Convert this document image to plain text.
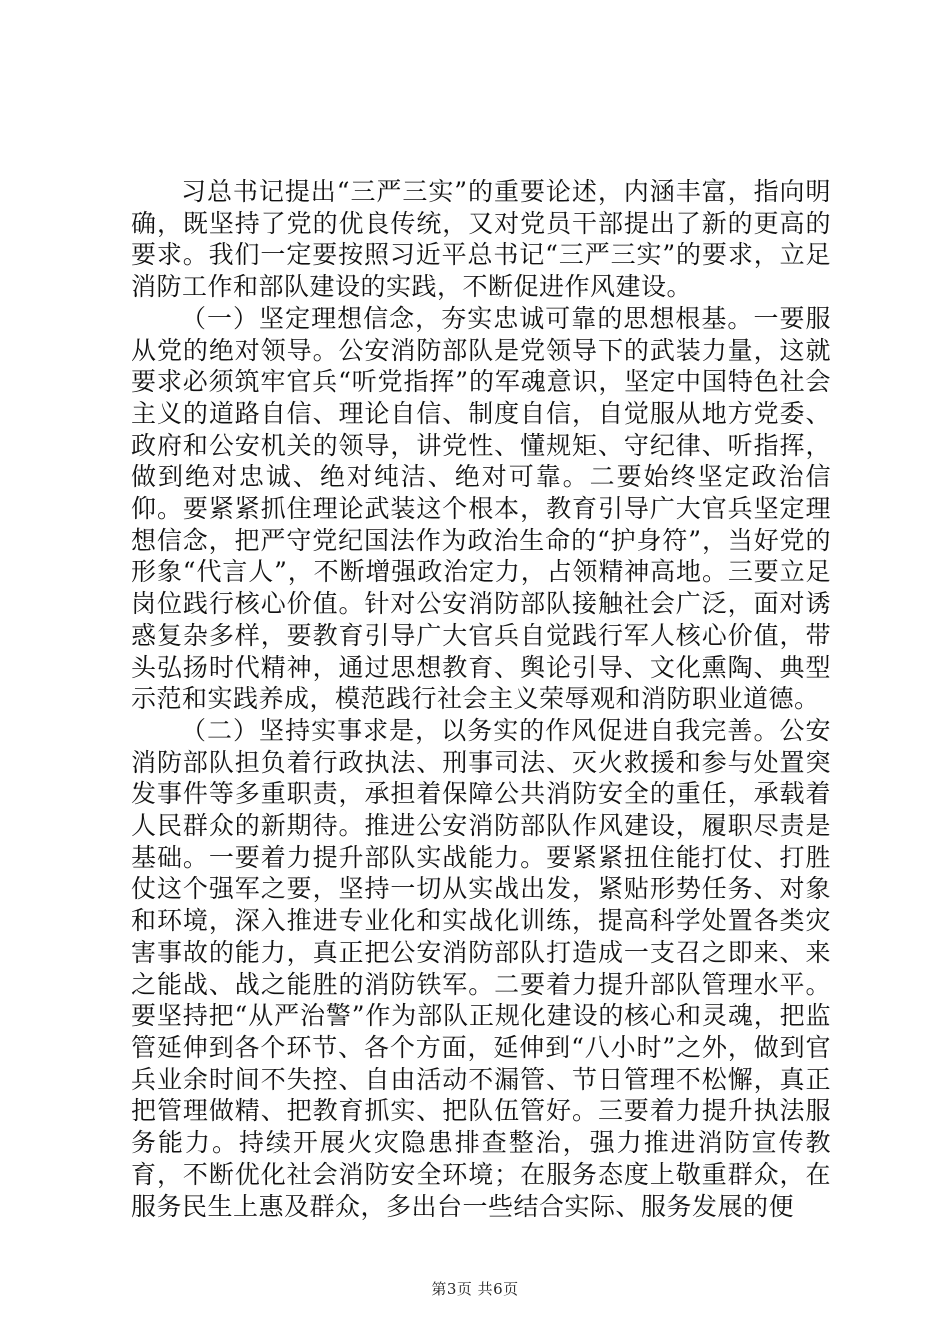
习总书记提出“三严三实”的重要论述，内涵丰富，指向明确，既坚持了党的优良传统，又对党员干部提出了新的更高的要求。我们一定要按照习近平总书记“三严三实”的要求，立足消防工作和部队建设的实践，不断促进作风建设。

（一）坚定理想信念，夯实忠诚可靠的思想根基。一要服从党的绝对领导。公安消防部队是党领导下的武装力量，这就要求必须筑牢官兵“听党指挥”的军魂意识，坚定中国特色社会主义的道路自信、理论自信、制度自信，自觉服从地方党委、政府和公安机关的领导，讲党性、懂规矩、守纪律、听指挥，做到绝对忠诚、绝对纯洁、绝对可靠。二要始终坚定政治信仰。要紧紧抓住理论武装这个根本，教育引导广大官兵坚定理想信念，把严守党纪国法作为政治生命的“护身符”，当好党的形象“代言人”，不断增强政治定力，占领精神高地。三要立足岗位践行核心价值。针对公安消防部队接触社会广泛，面对诱惑复杂多样，要教育引导广大官兵自觉践行军人核心价值，带头弘扬时代精神，通过思想教育、舆论引导、文化熏陶、典型示范和实践养成，模范践行社会主义荣辱观和消防职业道德。

（二）坚持实事求是，以务实的作风促进自我完善。公安消防部队担负着行政执法、刑事司法、灭火救援和参与处置突发事件等多重职责，承担着保障公共消防安全的重任，承载着人民群众的新期待。推进公安消防部队作风建设，履职尽责是基础。一要着力提升部队实战能力。要紧紧扭住能打仗、打胜仗这个强军之要，坚持一切从实战出发，紧贴形势任务、对象和环境，深入推进专业化和实战化训练，提高科学处置各类灾害事故的能力，真正把公安消防部队打造成一支召之即来、来之能战、战之能胜的消防铁军。二要着力提升部队管理水平。要坚持把“从严治警”作为部队正规化建设的核心和灵魂，把监管延伸到各个环节、各个方面，延伸到“八小时”之外，做到官兵业余时间不失控、自由活动不漏管、节日管理不松懈，真正把管理做精、把教育抓实、把队伍管好。三要着力提升执法服务能力。持续开展火灾隐患排查整治，强力推进消防宣传教育，不断优化社会消防安全环境；在服务态度上敬重群众，在服务民生上惠及群众，多出台一些结合实际、服务发展的便

第3页 共6页
